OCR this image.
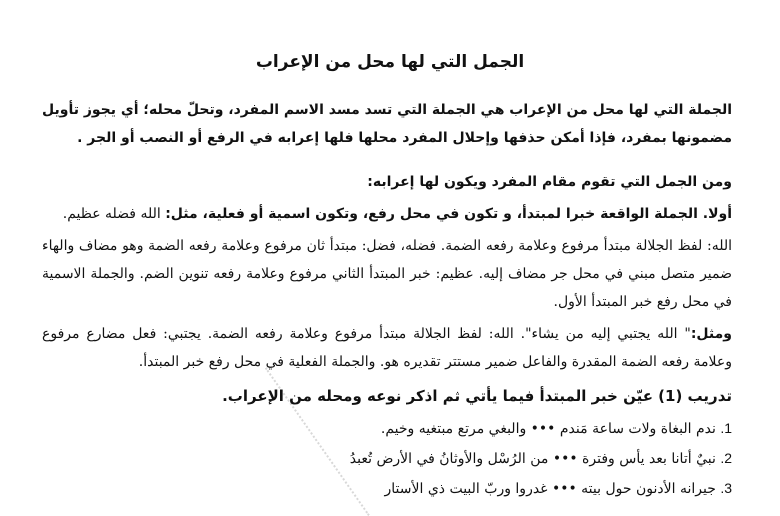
الجمل التي لها محل من الإعراب
الجملة التي لها محل من الإعراب هي الجملة التي تسد مسد الاسم المفرد، وتحلّ محله؛ أي يجوز تأويل مضمونها بمفرد، فإذا أمكن حذفها وإحلال المفرد محلها فلها إعرابه في الرفع أو النصب أو الجر .
ومن الجمل التي تقوم مقام المفرد ويكون لها إعرابه:
أولا. الجملة الواقعة خبرا لمبتدأ، و تكون في محل رفع، وتكون اسمية أو فعلية، مثل: الله فضله عظيم.
الله: لفظ الجلالة مبتدأ مرفوع وعلامة رفعه الضمة. فضله، فضل: مبتدأ ثان مرفوع وعلامة رفعه الضمة وهو مضاف والهاء ضمير متصل مبني في محل جر مضاف إليه. عظيم: خبر المبتدأ الثاني مرفوع وعلامة رفعه تنوين الضم. والجملة الاسمية في محل رفع خبر المبتدأ الأول.
ومثل:" الله يجتبي إليه من يشاء". الله: لفظ الجلالة مبتدأ مرفوع وعلامة رفعه الضمة. يجتبي: فعل مضارع مرفوع وعلامة رفعه الضمة المقدرة والفاعل ضمير مستتر تقديره هو. والجملة الفعلية في محل رفع خبر المبتدأ.
تدريب (1) عيّن خبر المبتدأ فيما يأتي ثم اذكر نوعه ومحله من الإعراب.
1. ندم البغاة ولات ساعة مَندم ••• والبغي مرتع مبتغيه وخيم.
2. نبيٌ أتانا بعد يأس وفترة ••• من الرُسْل والأوثانُ في الأرض تُعبدُ
3. جيرانه الأدنون حول بيته ••• غدروا وربّ البيت ذي الأستار
